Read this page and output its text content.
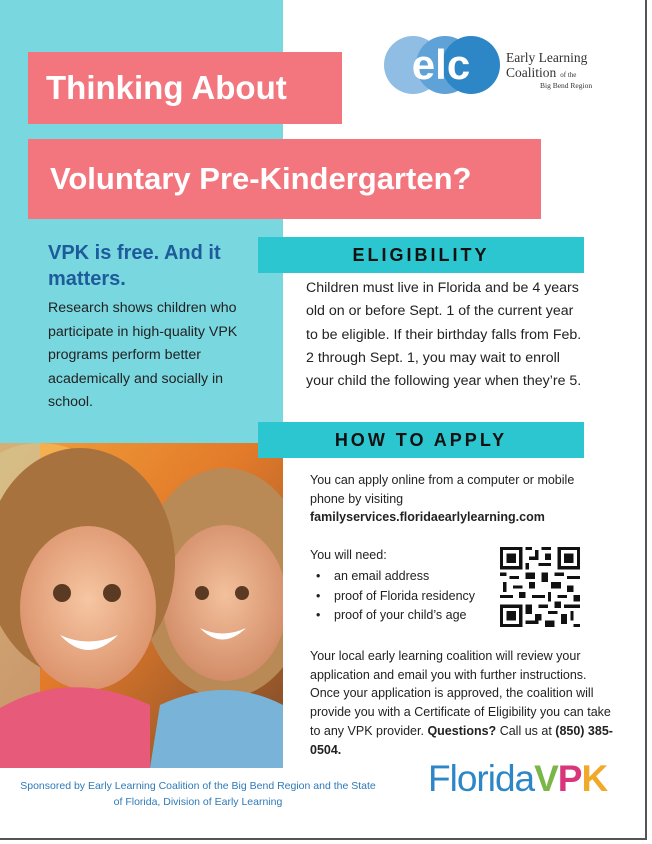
Thinking About
Voluntary Pre-Kindergarten?
elc	Early Learning
Coalition of the
Big Bend Region
VPK is free. And it matters.
Research shows children who participate in high-quality VPK programs perform better academically and socially in school.
ELIGIBILITY
Children must live in Florida and be 4 years old on or before Sept. 1 of the current year to be eligible. If their birthday falls from Feb. 2 through Sept. 1, you may wait to enroll your child the following year when they’re 5.
HOW TO APPLY
You can apply online from a computer or mobile phone by visiting
familyservices.floridaearlylearning.com
You will need:
• an email address
• proof of Florida residency
• proof of your child’s age
Your local early learning coalition will review your application and email you with further instructions. Once your application is approved, the coalition will provide you with a Certificate of Eligibility you can take to any VPK provider. Questions? Call us at (850) 385-0504.
Sponsored by Early Learning Coalition of the Big Bend Region and the State of Florida, Division of Early Learning
FloridaVPK
